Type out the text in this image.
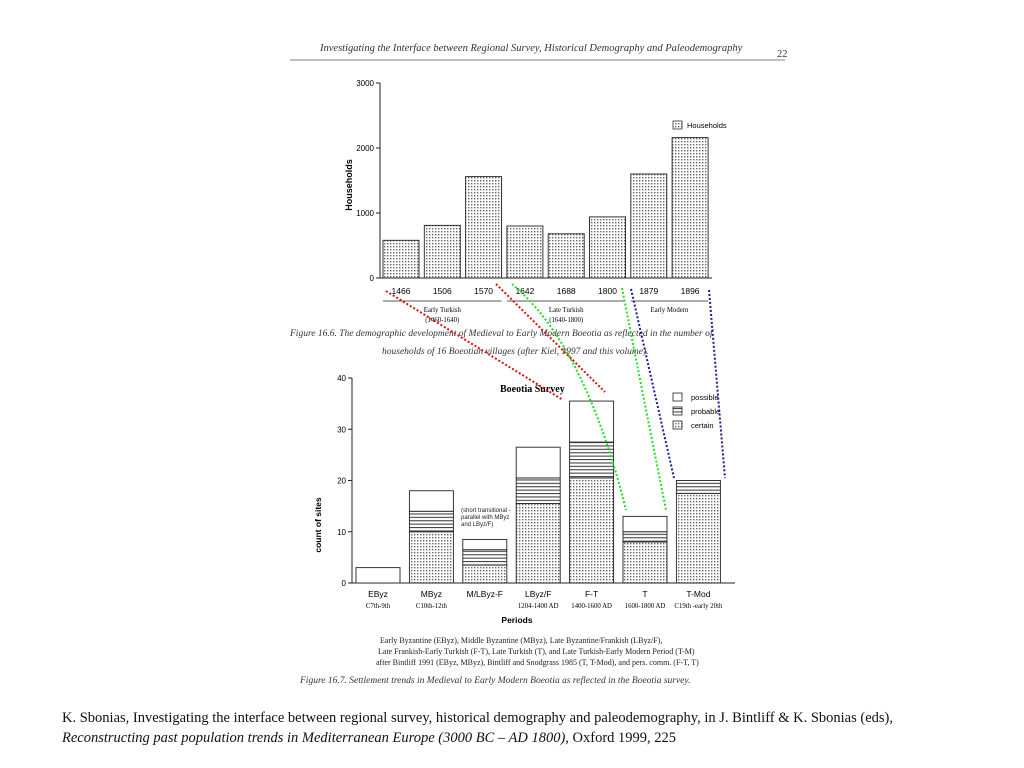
Investigating the Interface between Regional Survey, Historical Demography and Paleodemography
22
Households
0
1000
2000
3000
1466	1506	1570	1642	1688	1800	1879	1896
Early Turkish
(1460-1640)
Late Turkish
(1640-1800)
Early Modern
Households
Figure 16.6. The demographic development of Medieval to Early Modern Boeotia as reflected in the number of households of 16 Boeotian villages (after Kiel, 1997 and this volume).
Boeotia Survey
count of sites
0
10
20
30
40
EByz
C7th-9th
MByz
C10th-12th
M/LByz-F	LByz/F
1204-1400 AD
F-T
1400-1600 AD
T
1600-1800 AD
T-Mod
C19th -early 20th
Periods
possible
probable
certain
(short transitional - parallel with MByz and LByz/F)
Early Byzantine (EByz), Middle Byzantine (MByz), Late Byzantine/Frankish (LByz/F), Late Frankish-Early Turkish (F-T), Late Turkish (T), and Late Turkish-Early Modern Period (T-M) after Bintliff 1991 (EByz, MByz), Bintliff and Snodgrass 1985 (T, T-Mod), and pers. comm. (F-T, T)
Figure 16.7. Settlement trends in Medieval to Early Modern Boeotia as reflected in the Boeotia survey.
K. Sbonias, Investigating the interface between regional survey, historical demography and paleodemography, in J. Bintliff & K. Sbonias (eds), Reconstructing past population trends in Mediterranean Europe (3000 BC – AD 1800), Oxford 1999, 225
